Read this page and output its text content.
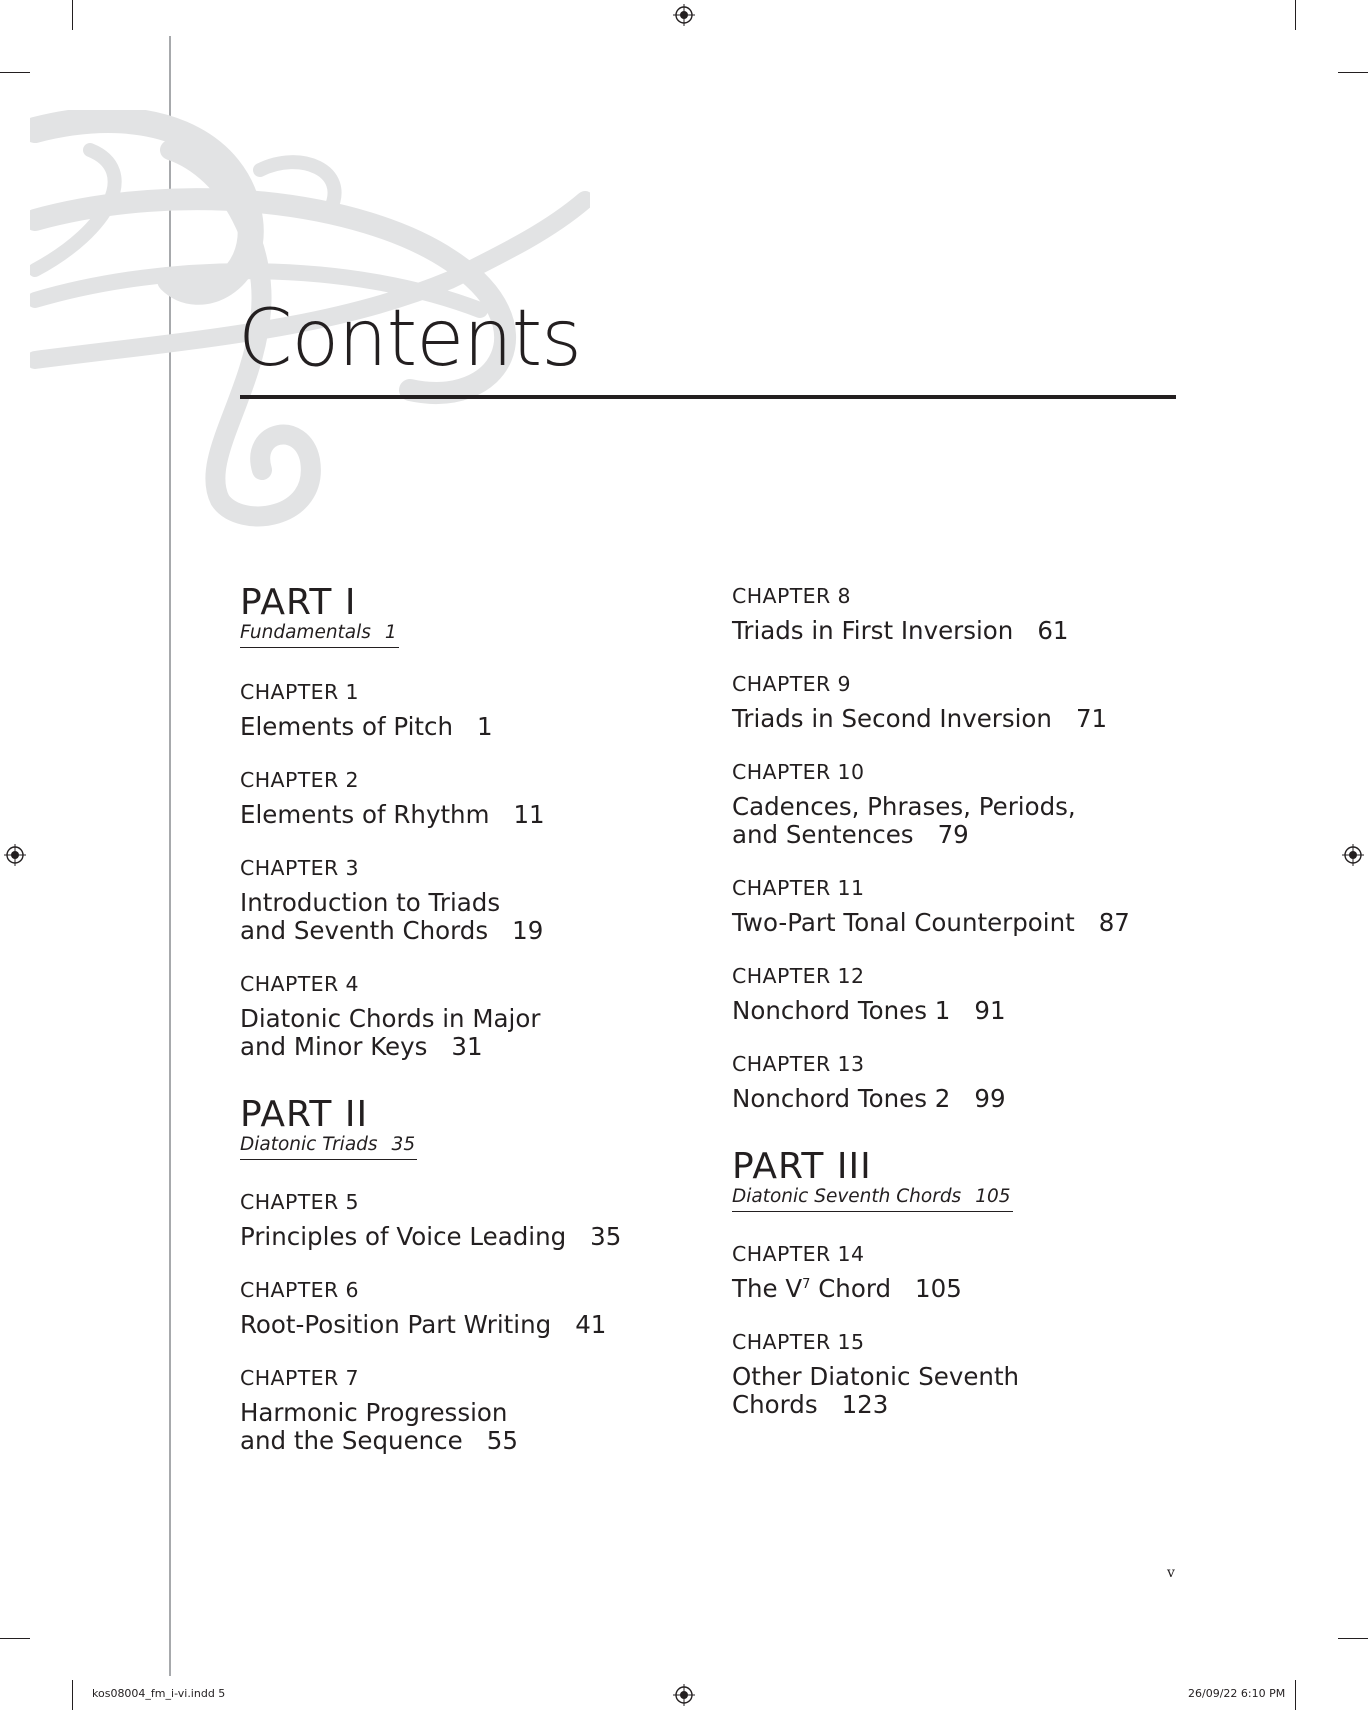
Contents
PART I
Fundamentals 1
CHAPTER 1
Elements of Pitch 1
CHAPTER 2
Elements of Rhythm 11
CHAPTER 3
Introduction to Triads
and Seventh Chords 19
CHAPTER 4
Diatonic Chords in Major
and Minor Keys 31
PART II
Diatonic Triads 35
CHAPTER 5
Principles of Voice Leading 35
CHAPTER 6
Root-Position Part Writing 41
CHAPTER 7
Harmonic Progression
and the Sequence 55
CHAPTER 8
Triads in First Inversion 61
CHAPTER 9
Triads in Second Inversion 71
CHAPTER 10
Cadences, Phrases, Periods,
and Sentences 79
CHAPTER 11
Two-Part Tonal Counterpoint 87
CHAPTER 12
Nonchord Tones 1 91
CHAPTER 13
Nonchord Tones 2 99
PART III
Diatonic Seventh Chords 105
CHAPTER 14
The $V^7$ Chord 105
CHAPTER 15
Other Diatonic Seventh
Chords 123
v
kos08004_fm_i-vi.indd 5	26/09/22 6:10 PM
